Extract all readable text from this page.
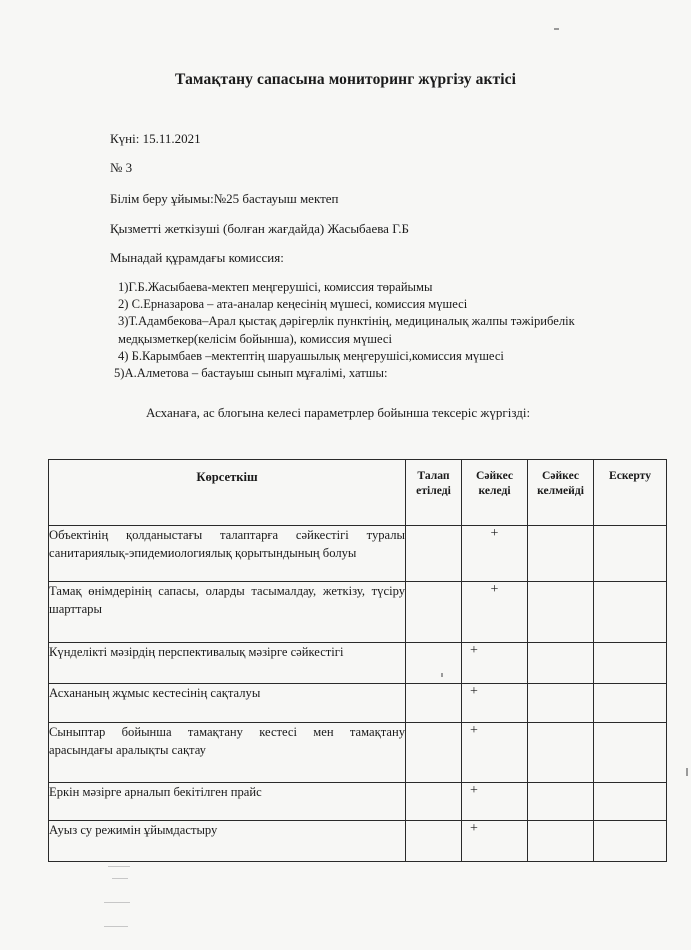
Тамақтану сапасына мониторинг жүргізу актісі
Күні: 15.11.2021
№ 3
Білім беру ұйымы:№25 бастауыш мектеп
Қызметті жеткізуші (болған жағдайда) Жасыбаева Г.Б
Мынадай құрамдағы комиссия:
1)Г.Б.Жасыбаева-мектеп меңгерушісі, комиссия төрайымы
2) С.Ерназарова – ата-аналар кеңесінің мүшесі, комиссия мүшесі
3)Т.Адамбекова–Арал қыстақ дәрігерлік пунктінің, медициналық жалпы тәжірибелік медқызметкер(келісім бойынша), комиссия мүшесі
4) Б.Карымбаев –мектептің шаруашылық меңгерушісі,комиссия мүшесі
5)А.Алметова – бастауыш сынып мұғалімі, хатшы:
Асханаға, ас блогына келесі параметрлер бойынша тексеріс жүргізді:
Көрсеткіш	Талап етіледі	Сәйкес келеді	Сәйкес келмейді	Ескерту
Объектінің қолданыстағы талаптарға сәйкестігі туралы санитариялық-эпидемиологиялық қорытындының болуы		+		
Тамақ өнімдерінің сапасы, оларды тасымалдау, жеткізу, түсіру шарттары		+		
Күнделікті мәзірдің перспективалық мәзірге сәйкестігі		+		
Асхананың жұмыс кестесінің сақталуы		+		
Сыныптар бойынша тамақтану кестесі мен тамақтану арасындағы аралықты сақтау		+		
Еркін мәзірге арналып бекітілген прайс		+		
Ауыз су режимін ұйымдастыру		+		
